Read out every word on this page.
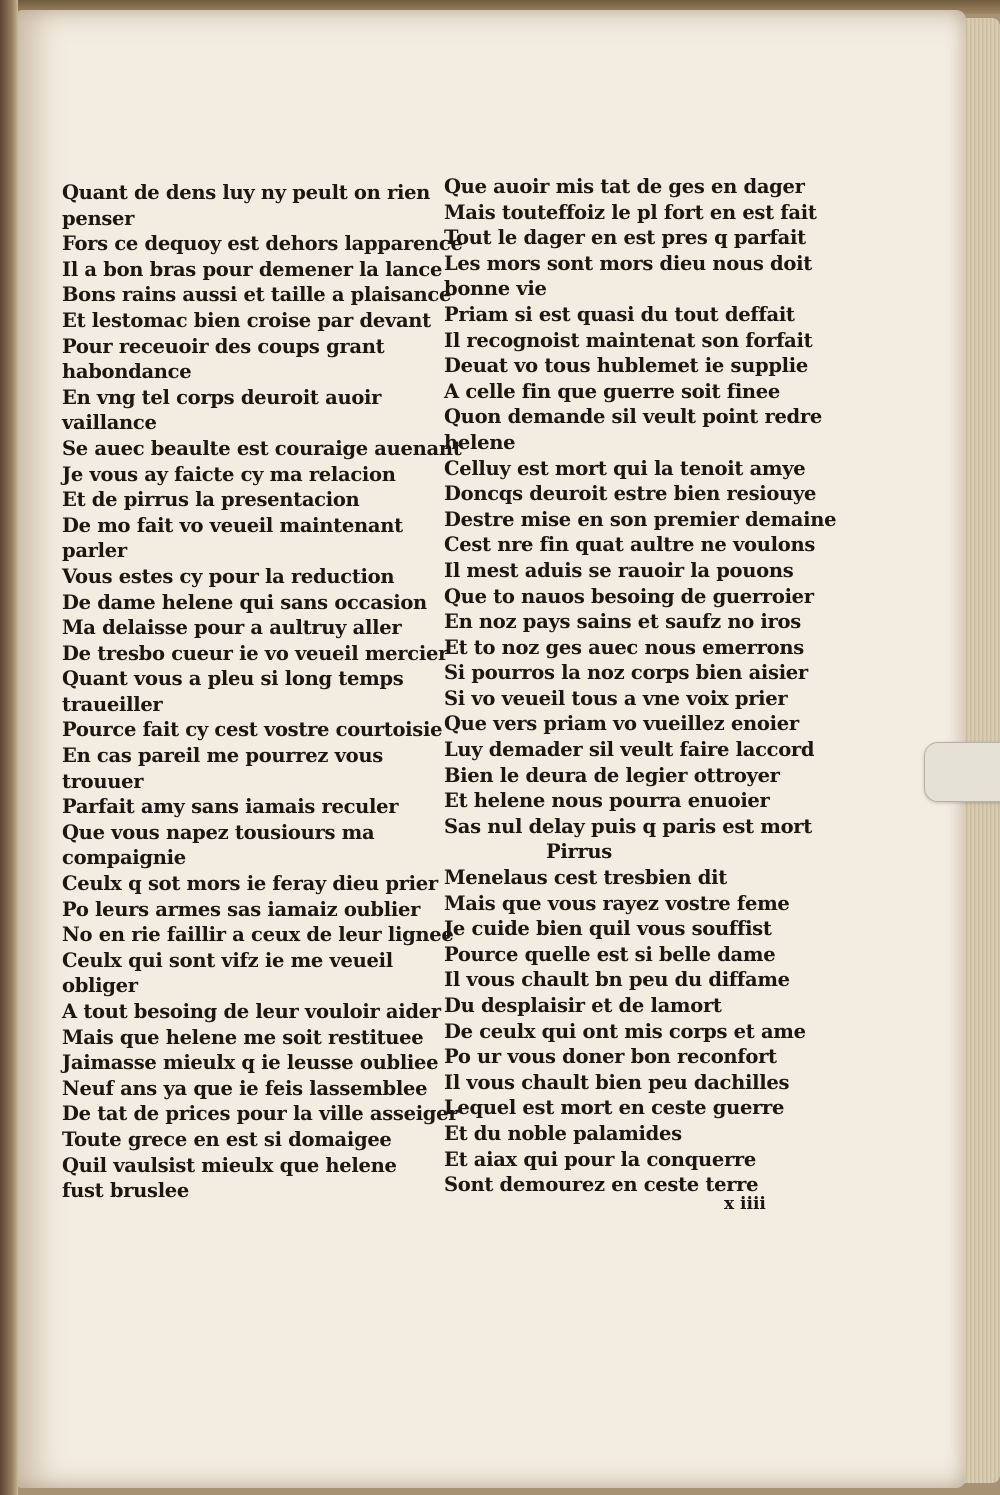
Quant de dens luy ny peult on rien
penser
Fors ce dequoy est dehors lapparence
Il a bon bras pour demener la lance
Bons rains aussi et taille a plaisance
Et lestomac bien croise par devant
Pour receuoir des coups grant
habondance
En vng tel corps deuroit auoir
vaillance
Se auec beaulte est couraige auenant
Je vous ay faicte cy ma relacion
Et de pirrus la presentacion
De mo fait vo veueil maintenant
parler
Vous estes cy pour la reduction
De dame helene qui sans occasion
Ma delaisse pour a aultruy aller
De tresbo cueur ie vo veueil mercier
Quant vous a pleu si long temps
traueiller
Pource fait cy cest vostre courtoisie
En cas pareil me pourrez vous
trouuer
Parfait amy sans iamais reculer
Que vous napez tousiours ma
compaignie
Ceulx q sot mors ie feray dieu prier
Po leurs armes sas iamaiz oublier
No en rie faillir a ceux de leur lignee
Ceulx qui sont vifz ie me veueil
obliger
A tout besoing de leur vouloir aider
Mais que helene me soit restituee
Jaimasse mieulx q ie leusse oubliee
Neuf ans ya que ie feis lassemblee
De tat de prices pour la ville asseiger
Toute grece en est si domaigee
Quil vaulsist mieulx que helene
fust bruslee
Que auoir mis tat de ges en dager
Mais touteffoiz le pl fort en est fait
Tout le dager en est pres q parfait
Les mors sont mors dieu nous doit
bonne vie
Priam si est quasi du tout deffait
Il recognoist maintenat son forfait
Deuat vo tous hublemet ie supplie
A celle fin que guerre soit finee
Quon demande sil veult point redre
helene
Celluy est mort qui la tenoit amye
Doncqs deuroit estre bien resiouye
Destre mise en son premier demaine
Cest nre fin quat aultre ne voulons
Il mest aduis se rauoir la pouons
Que to nauos besoing de guerroier
En noz pays sains et saufz no iros
Et to noz ges auec nous emerrons
Si pourros la noz corps bien aisier
Si vo veueil tous a vne voix prier
Que vers priam vo vueillez enoier
Luy demader sil veult faire laccord
Bien le deura de legier ottroyer
Et helene nous pourra enuoier
Sas nul delay puis q paris est mort
Pirrus
Menelaus cest tresbien dit
Mais que vous rayez vostre feme
Je cuide bien quil vous souffist
Pource quelle est si belle dame
Il vous chault bn peu du diffame
Du desplaisir et de lamort
De ceulx qui ont mis corps et ame
Po ur vous doner bon reconfort
Il vous chault bien peu dachilles
Lequel est mort en ceste guerre
Et du noble palamides
Et aiax qui pour la conquerre
Sont demourez en ceste terre
x iiii
